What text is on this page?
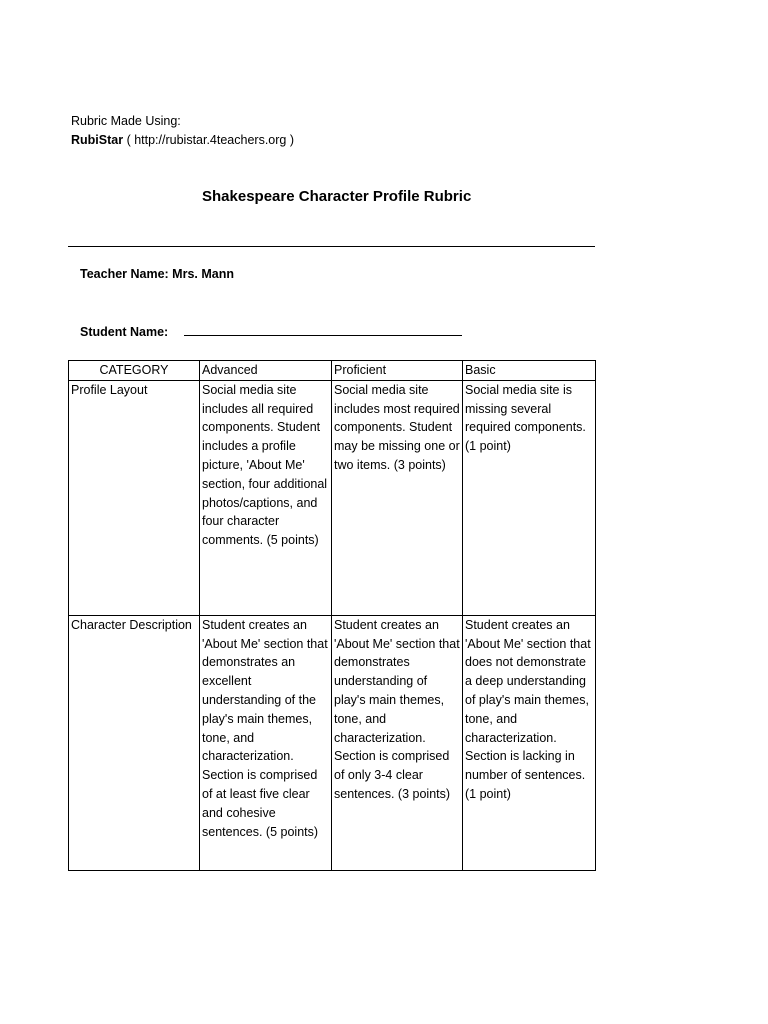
Rubric Made Using:
RubiStar ( http://rubistar.4teachers.org )
Shakespeare Character Profile Rubric
Teacher Name: Mrs. Mann
Student Name:
CATEGORY	Advanced	Proficient	Basic
Profile Layout	Social media site includes all required components. Student includes a profile picture, 'About Me' section, four additional photos/captions, and four character comments. (5 points)	Social media site includes most required components. Student may be missing one or two items. (3 points)	Social media site is missing several required components. (1 point)
Character Description	Student creates an 'About Me' section that demonstrates an excellent understanding of the play's main themes, tone, and characterization. Section is comprised of at least five clear and cohesive sentences. (5 points)	Student creates an 'About Me' section that demonstrates understanding of play's main themes, tone, and characterization. Section is comprised of only 3-4 clear sentences. (3 points)	Student creates an 'About Me' section that does not demonstrate a deep understanding of play's main themes, tone, and characterization. Section is lacking in number of sentences. (1 point)
